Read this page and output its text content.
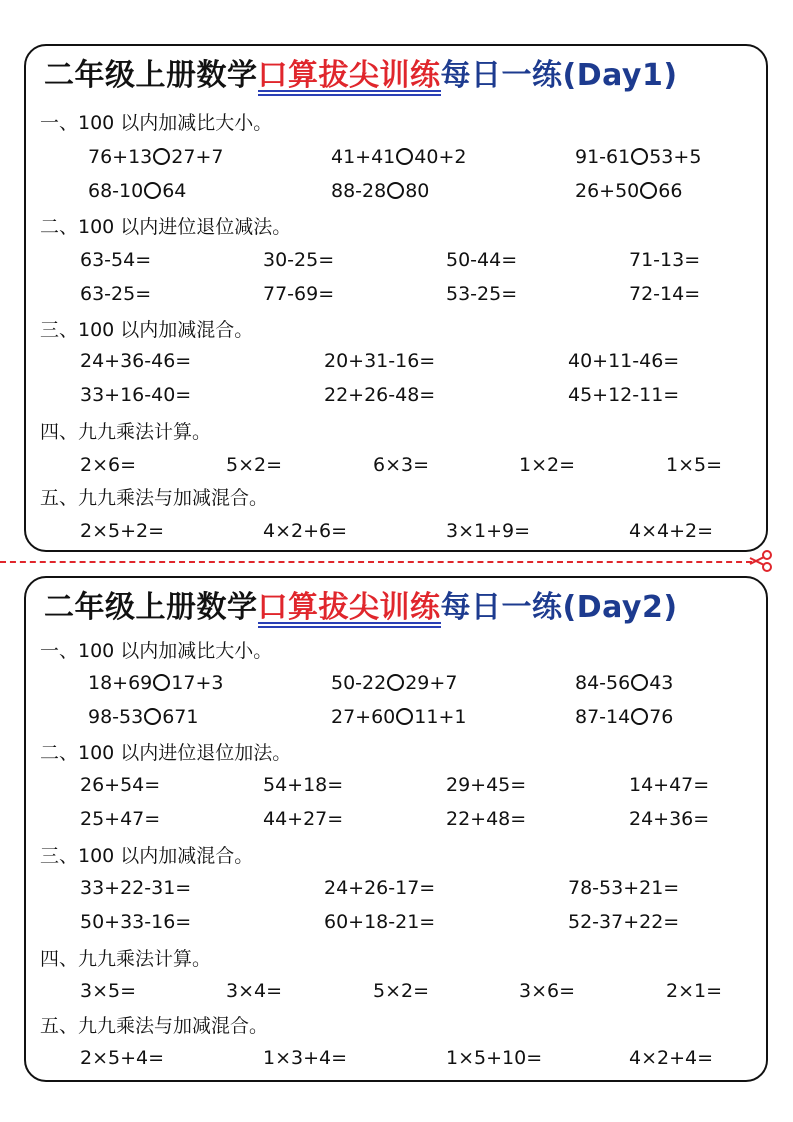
二年级上册数学口算拔尖训练每日一练(Day1)
一、100 以内加减比大小。
76+13 27+7	41+41 40+2	91-61 53+5
68-10 64	88-28 80	26+50 66
二、100 以内进位退位减法。
63-54=	30-25=	50-44=	71-13=
63-25=	77-69=	53-25=	72-14=
三、100 以内加减混合。
24+36-46=	20+31-16=	40+11-46=
33+16-40=	22+26-48=	45+12-11=
四、九九乘法计算。
2×6=	5×2=	6×3=	1×2=	1×5=
五、九九乘法与加减混合。
2×5+2=	4×2+6=	3×1+9=	4×4+2=
二年级上册数学口算拔尖训练每日一练(Day2)
一、100 以内加减比大小。
18+69 17+3	50-22 29+7	84-56 43
98-53 671	27+60 11+1	87-14 76
二、100 以内进位退位加法。
26+54=	54+18=	29+45=	14+47=
25+47=	44+27=	22+48=	24+36=
三、100 以内加减混合。
33+22-31=	24+26-17=	78-53+21=
50+33-16=	60+18-21=	52-37+22=
四、九九乘法计算。
3×5=	3×4=	5×2=	3×6=	2×1=
五、九九乘法与加减混合。
2×5+4=	1×3+4=	1×5+10=	4×2+4=
